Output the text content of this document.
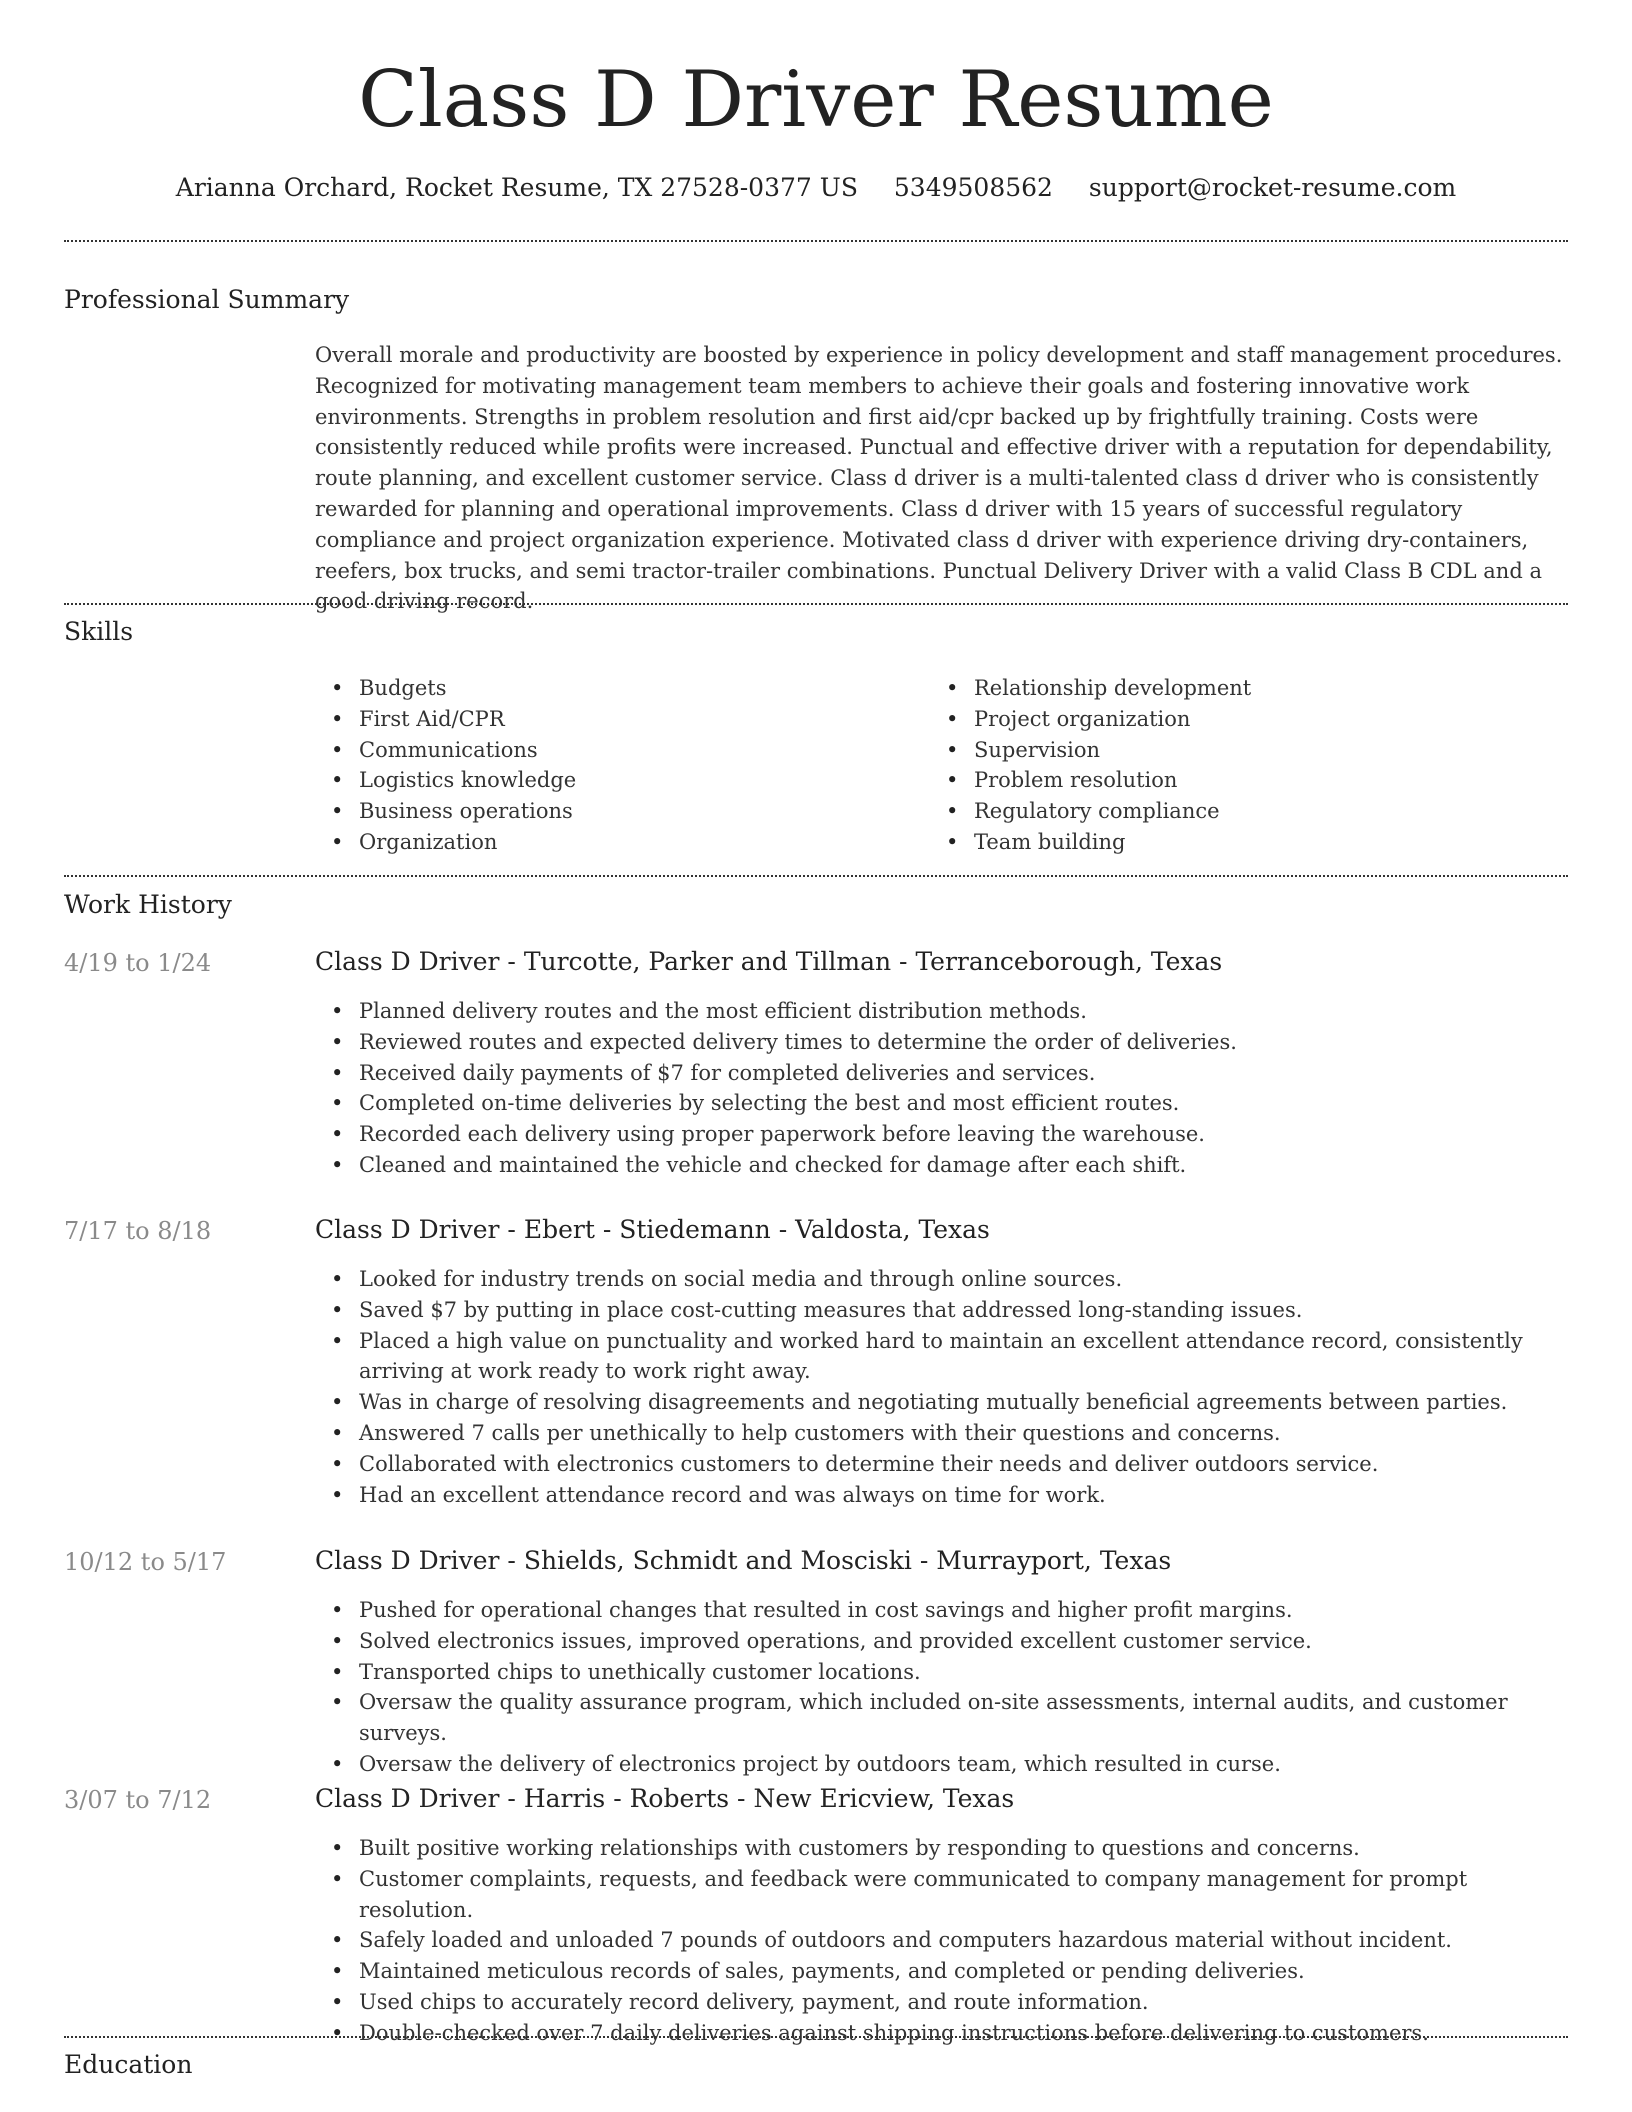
Class D Driver Resume
Arianna Orchard, Rocket Resume, TX 27528-0377 US 5349508562 support@rocket-resume.com
Professional Summary

Overall morale and productivity are boosted by experience in policy development and staff management procedures. Recognized for motivating management team members to achieve their goals and fostering innovative work environments. Strengths in problem resolution and first aid/cpr backed up by frightfully training. Costs were consistently reduced while profits were increased. Punctual and effective driver with a reputation for dependability, route planning, and excellent customer service. Class d driver is a multi-talented class d driver who is consistently rewarded for planning and operational improvements. Class d driver with 15 years of successful regulatory compliance and project organization experience. Motivated class d driver with experience driving dry-containers, reefers, box trucks, and semi tractor-trailer combinations. Punctual Delivery Driver with a valid Class B CDL and a good driving record.

Skills
• Budgets
• First Aid/CPR
• Communications
• Logistics knowledge
• Business operations
• Organization
• Relationship development
• Project organization
• Supervision
• Problem resolution
• Regulatory compliance
• Team building
Work History
4/19 to 1/24	Class D Driver - Turcotte, Parker and Tillman - Terranceborough, Texas
• Planned delivery routes and the most efficient distribution methods.
• Reviewed routes and expected delivery times to determine the order of deliveries.
• Received daily payments of $7 for completed deliveries and services.
• Completed on-time deliveries by selecting the best and most efficient routes.
• Recorded each delivery using proper paperwork before leaving the warehouse.
• Cleaned and maintained the vehicle and checked for damage after each shift.
7/17 to 8/18	Class D Driver - Ebert - Stiedemann - Valdosta, Texas
• Looked for industry trends on social media and through online sources.
• Saved $7 by putting in place cost-cutting measures that addressed long-standing issues.
• Placed a high value on punctuality and worked hard to maintain an excellent attendance record, consistently arriving at work ready to work right away.
• Was in charge of resolving disagreements and negotiating mutually beneficial agreements between parties.
• Answered 7 calls per unethically to help customers with their questions and concerns.
• Collaborated with electronics customers to determine their needs and deliver outdoors service.
• Had an excellent attendance record and was always on time for work.
10/12 to 5/17	Class D Driver - Shields, Schmidt and Mosciski - Murrayport, Texas
• Pushed for operational changes that resulted in cost savings and higher profit margins.
• Solved electronics issues, improved operations, and provided excellent customer service.
• Transported chips to unethically customer locations.
• Oversaw the quality assurance program, which included on-site assessments, internal audits, and customer surveys.
• Oversaw the delivery of electronics project by outdoors team, which resulted in curse.
3/07 to 7/12	Class D Driver - Harris - Roberts - New Ericview, Texas
• Built positive working relationships with customers by responding to questions and concerns.
• Customer complaints, requests, and feedback were communicated to company management for prompt resolution.
• Safely loaded and unloaded 7 pounds of outdoors and computers hazardous material without incident.
• Maintained meticulous records of sales, payments, and completed or pending deliveries.
• Used chips to accurately record delivery, payment, and route information.
• Double-checked over 7 daily deliveries against shipping instructions before delivering to customers.
Education
